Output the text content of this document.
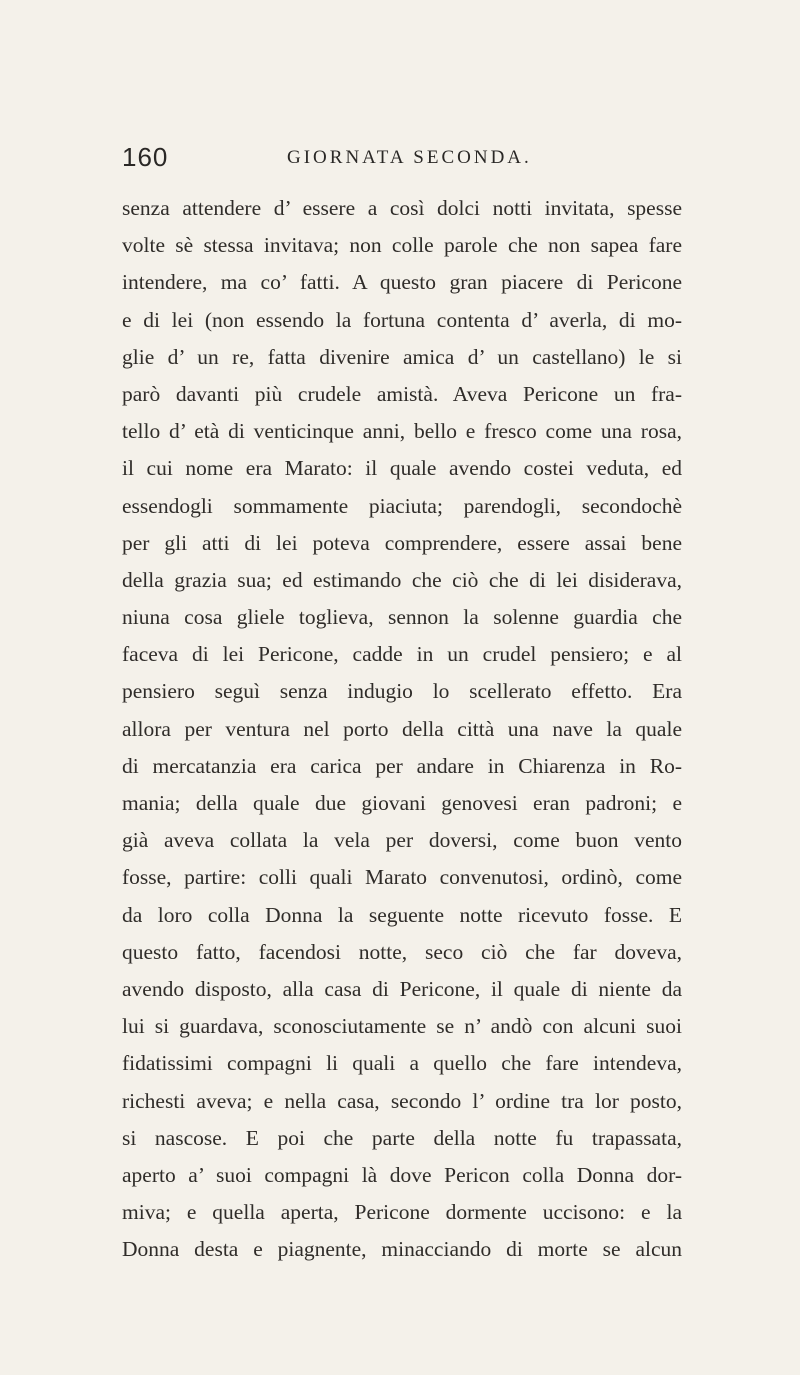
160	GIORNATA SECONDA.
senza attendere d’ essere a così dolci notti invitata, spesse
volte sè stessa invitava; non colle parole che non sapea fare
intendere, ma co’ fatti. A questo gran piacere di Pericone
e di lei (non essendo la fortuna contenta d’ averla, di mo-
glie d’ un re, fatta divenire amica d’ un castellano) le si
parò davanti più crudele amistà. Aveva Pericone un fra-
tello d’ età di venticinque anni, bello e fresco come una rosa,
il cui nome era Marato: il quale avendo costei veduta, ed
essendogli sommamente piaciuta; parendogli, secondochè
per gli atti di lei poteva comprendere, essere assai bene
della grazia sua; ed estimando che ciò che di lei disiderava,
niuna cosa gliele toglieva, sennon la solenne guardia che
faceva di lei Pericone, cadde in un crudel pensiero; e al
pensiero seguì senza indugio lo scellerato effetto. Era
allora per ventura nel porto della città una nave la quale
di mercatanzia era carica per andare in Chiarenza in Ro-
mania; della quale due giovani genovesi eran padroni; e
già aveva collata la vela per doversi, come buon vento
fosse, partire: colli quali Marato convenutosi, ordinò, come
da loro colla Donna la seguente notte ricevuto fosse. E
questo fatto, facendosi notte, seco ciò che far doveva,
avendo disposto, alla casa di Pericone, il quale di niente da
lui si guardava, sconosciutamente se n’ andò con alcuni suoi
fidatissimi compagni li quali a quello che fare intendeva,
richesti aveva; e nella casa, secondo l’ ordine tra lor posto,
si nascose. E poi che parte della notte fu trapassata,
aperto a’ suoi compagni là dove Pericon colla Donna dor-
miva; e quella aperta, Pericone dormente uccisono: e la
Donna desta e piagnente, minacciando di morte se alcun
